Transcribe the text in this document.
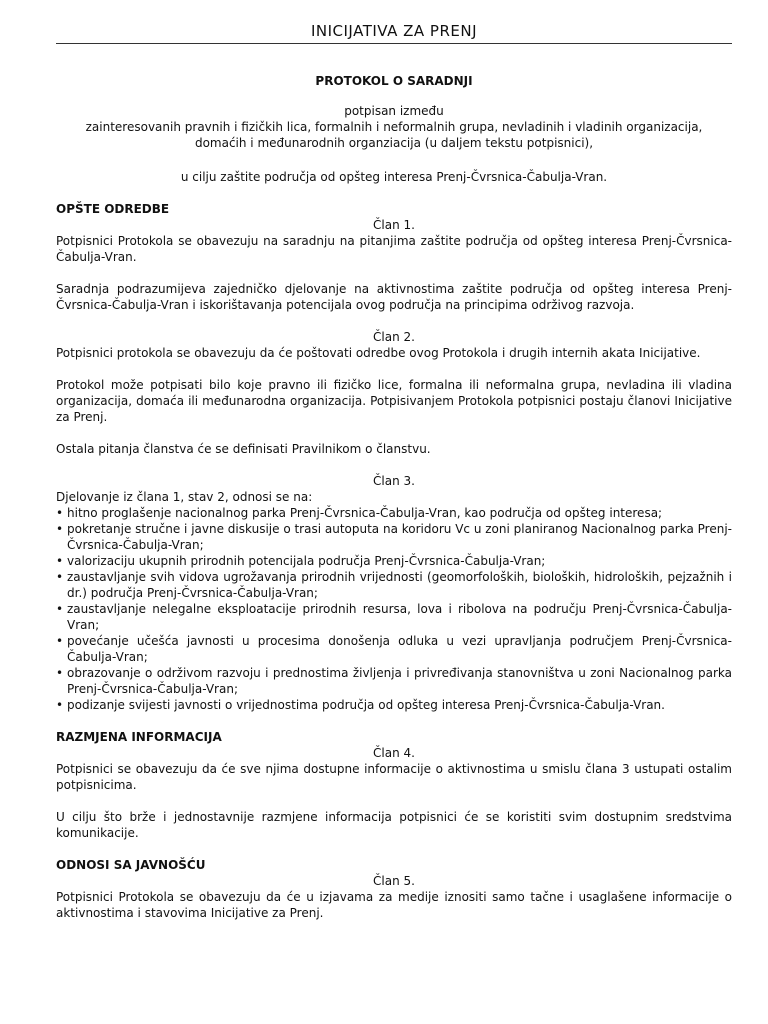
INICIJATIVA ZA PRENJ

PROTOKOL O SARADNJI

potpisan između

zainteresovanih pravnih i fizičkih lica, formalnih i neformalnih grupa, nevladinih i vladinih organizacija,

domaćih i međunarodnih organziacija (u daljem tekstu potpisnici),

u cilju zaštite područja od opšteg interesa Prenj-Čvrsnica-Čabulja-Vran.

OPŠTE ODREDBE

Član 1.

Potpisnici Protokola se obavezuju na saradnju na pitanjima zaštite područja od opšteg interesa Prenj-Čvrsnica-Čabulja-Vran.

Saradnja podrazumijeva zajedničko djelovanje na aktivnostima zaštite područja od opšteg interesa Prenj-Čvrsnica-Čabulja-Vran i iskorištavanja potencijala ovog područja na principima održivog razvoja.

Član 2.

Potpisnici protokola se obavezuju da će poštovati odredbe ovog Protokola i drugih internih akata Inicijative.

Protokol može potpisati bilo koje pravno ili fizičko lice, formalna ili neformalna grupa, nevladina ili vladina organizacija, domaća ili međunarodna organizacija. Potpisivanjem Protokola potpisnici postaju članovi Inicijative za Prenj.

Ostala pitanja članstva će se definisati Pravilnikom o članstvu.

Član 3.

Djelovanje iz člana 1, stav 2, odnosi se na:

• hitno proglašenje nacionalnog parka Prenj-Čvrsnica-Čabulja-Vran, kao područja od opšteg interesa;
• pokretanje stručne i javne diskusije o trasi autoputa na koridoru Vc u zoni planiranog Nacionalnog parka Prenj-Čvrsnica-Čabulja-Vran;
• valorizaciju ukupnih prirodnih potencijala područja Prenj-Čvrsnica-Čabulja-Vran;
• zaustavljanje svih vidova ugrožavanja prirodnih vrijednosti (geomorfoloških, bioloških, hidroloških, pejzažnih i dr.) područja Prenj-Čvrsnica-Čabulja-Vran;
• zaustavljanje nelegalne eksploatacije prirodnih resursa, lova i ribolova na području Prenj-Čvrsnica-Čabulja-Vran;
• povećanje učešća javnosti u procesima donošenja odluka u vezi upravljanja područjem Prenj-Čvrsnica-Čabulja-Vran;
• obrazovanje o održivom razvoju i prednostima življenja i privređivanja stanovništva u zoni Nacionalnog parka Prenj-Čvrsnica-Čabulja-Vran;
• podizanje svijesti javnosti o vrijednostima područja od opšteg interesa Prenj-Čvrsnica-Čabulja-Vran.

RAZMJENA INFORMACIJA

Član 4.

Potpisnici se obavezuju da će sve njima dostupne informacije o aktivnostima u smislu člana 3 ustupati ostalim potpisnicima.

U cilju što brže i jednostavnije razmjene informacija potpisnici će se koristiti svim dostupnim sredstvima komunikacije.

ODNOSI SA JAVNOŠĆU

Član 5.

Potpisnici Protokola se obavezuju da će u izjavama za medije iznositi samo tačne i usaglašene informacije o aktivnostima i stavovima Inicijative za Prenj.
